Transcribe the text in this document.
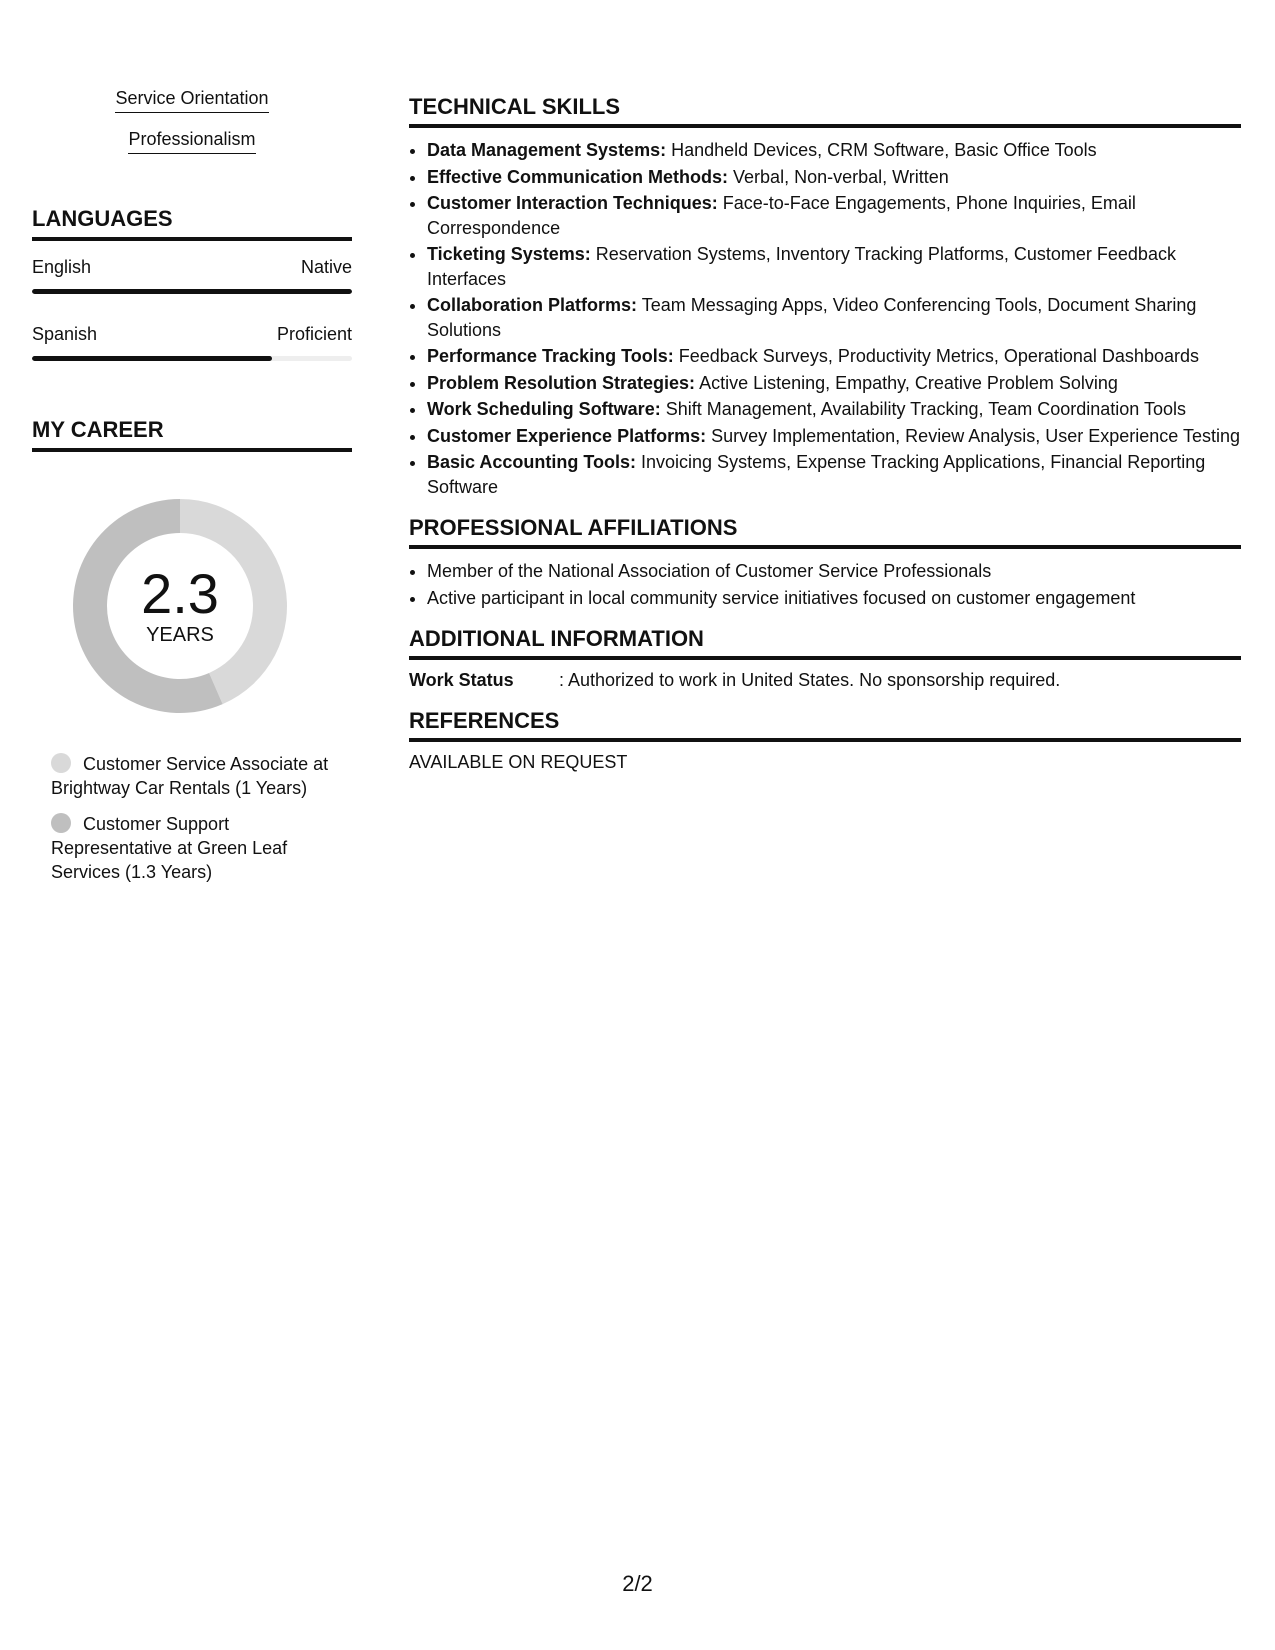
Service Orientation
Professionalism
LANGUAGES
English	Native
Spanish	Proficient
MY CAREER
2.3
YEARS
Customer Service Associate at Brightway Car Rentals (1 Years)
Customer Support Representative at Green Leaf Services (1.3 Years)
TECHNICAL SKILLS
• Data Management Systems: Handheld Devices, CRM Software, Basic Office Tools
• Effective Communication Methods: Verbal, Non-verbal, Written
• Customer Interaction Techniques: Face-to-Face Engagements, Phone Inquiries, Email Correspondence
• Ticketing Systems: Reservation Systems, Inventory Tracking Platforms, Customer Feedback Interfaces
• Collaboration Platforms: Team Messaging Apps, Video Conferencing Tools, Document Sharing Solutions
• Performance Tracking Tools: Feedback Surveys, Productivity Metrics, Operational Dashboards
• Problem Resolution Strategies: Active Listening, Empathy, Creative Problem Solving
• Work Scheduling Software: Shift Management, Availability Tracking, Team Coordination Tools
• Customer Experience Platforms: Survey Implementation, Review Analysis, User Experience Testing
• Basic Accounting Tools: Invoicing Systems, Expense Tracking Applications, Financial Reporting Software
PROFESSIONAL AFFILIATIONS
• Member of the National Association of Customer Service Professionals
• Active participant in local community service initiatives focused on customer engagement
ADDITIONAL INFORMATION
Work Status	: Authorized to work in United States. No sponsorship required.
REFERENCES
AVAILABLE ON REQUEST
2/2
